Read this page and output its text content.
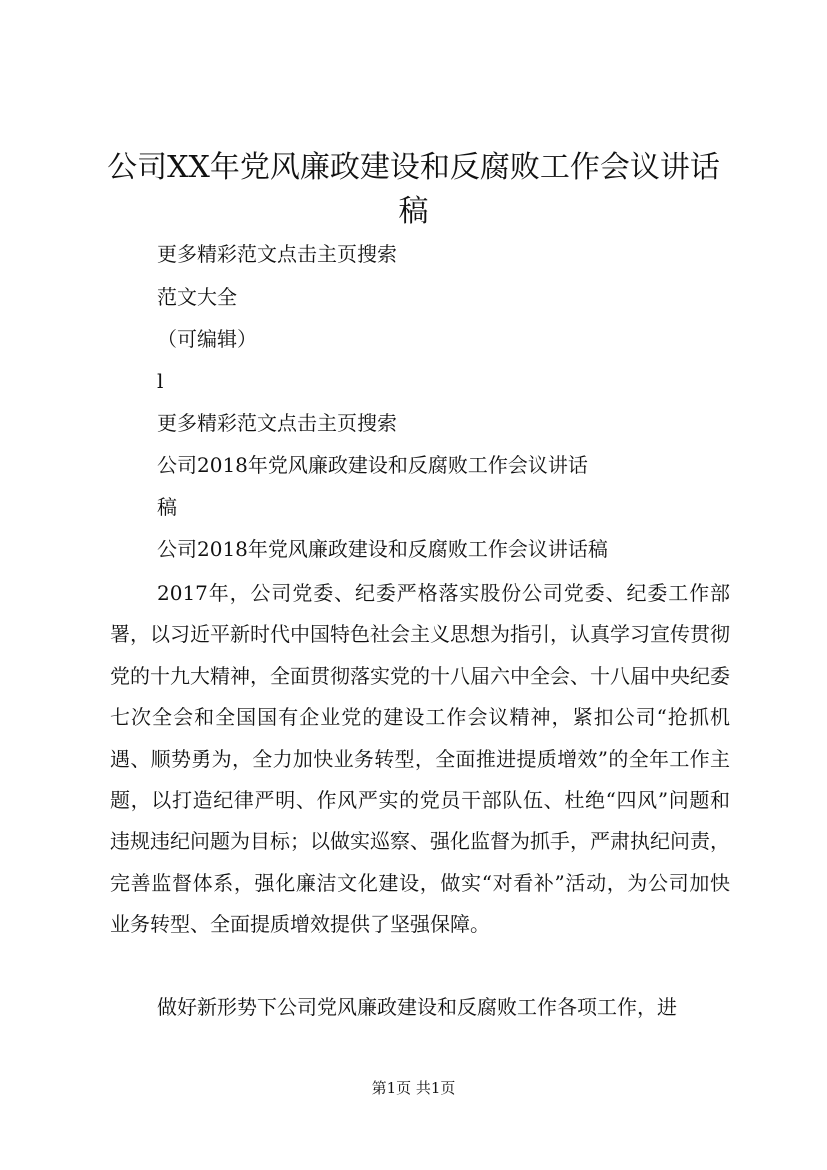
公司XX年党风廉政建设和反腐败工作会议讲话稿

更多精彩范文点击主页搜索

范文大全

（可编辑）

l

更多精彩范文点击主页搜索

公司2018年党风廉政建设和反腐败工作会议讲话

稿

公司2018年党风廉政建设和反腐败工作会议讲话稿

2017年，公司党委、纪委严格落实股份公司党委、纪委工作部署，以习近平新时代中国特色社会主义思想为指引，认真学习宣传贯彻党的十九大精神，全面贯彻落实党的十八届六中全会、十八届中央纪委七次全会和全国国有企业党的建设工作会议精神，紧扣公司“抢抓机遇、顺势勇为，全力加快业务转型，全面推进提质增效”的全年工作主题，以打造纪律严明、作风严实的党员干部队伍、杜绝“四风”问题和违规违纪问题为目标；以做实巡察、强化监督为抓手，严肃执纪问责，完善监督体系，强化廉洁文化建设，做实“对看补”活动，为公司加快业务转型、全面提质增效提供了坚强保障。

做好新形势下公司党风廉政建设和反腐败工作各项工作，进

第1页 共1页
